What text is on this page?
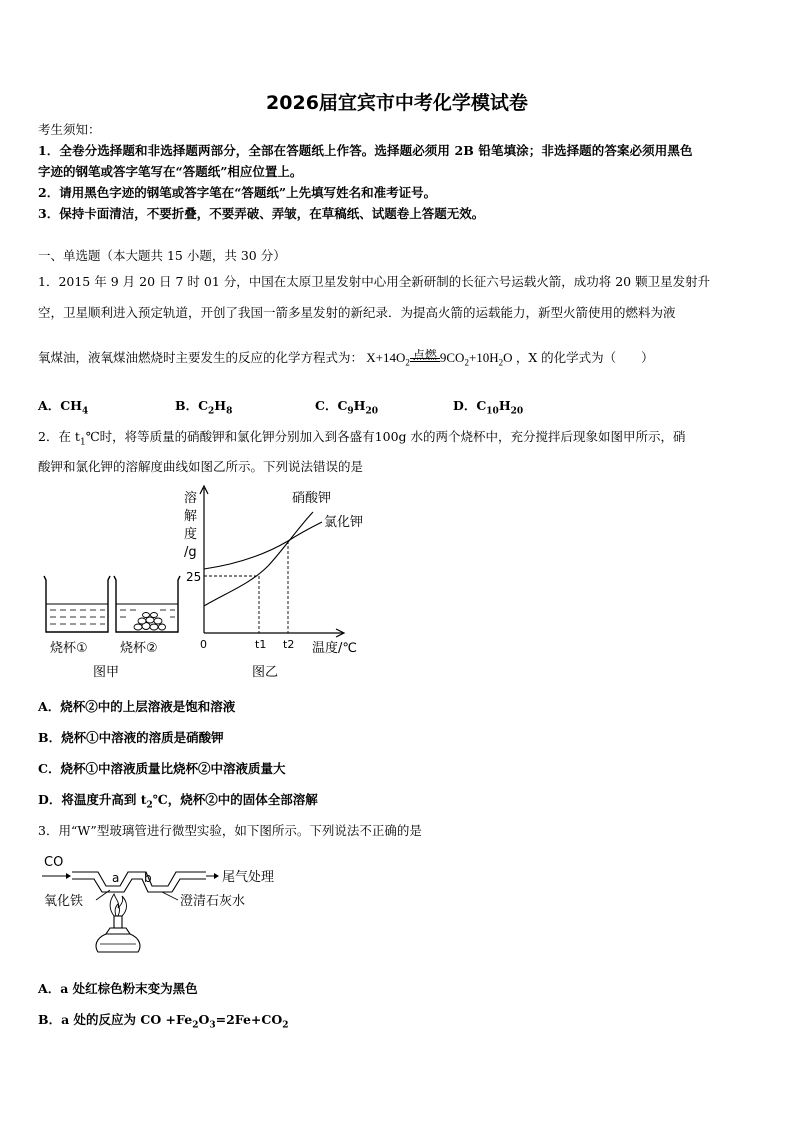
2026届宜宾市中考化学模试卷
考生须知：
1．全卷分选择题和非选择题两部分，全部在答题纸上作答。选择题必须用 2B 铅笔填涂；非选择题的答案必须用黑色
字迹的钢笔或答字笔写在“答题纸”相应位置上。
2．请用黑色字迹的钢笔或答字笔在“答题纸”上先填写姓名和准考证号。
3．保持卡面清洁，不要折叠，不要弄破、弄皱，在草稿纸、试题卷上答题无效。
一、单选题（本大题共 15 小题，共 30 分）
1．2015 年 9 月 20 日 7 时 01 分，中国在太原卫星发射中心用全新研制的长征六号运载火箭，成功将 20 颗卫星发射升
空，卫星顺利进入预定轨道，开创了我国一箭多星发射的新纪录．为提高火箭的运载能力，新型火箭使用的燃料为液
氧煤油，液氧煤油燃烧时主要发生的反应的化学方程式为： $X+14O_2$
点燃 $9CO_2+10H_2O$ ，X 的化学式为（　　）
A．$CH_4$	B．$C_2H_8$	C．$C_9H_{20}$	D．$C_{10}H_{20}$
2．在 $t_1℃$时，将等质量的硝酸钾和氯化钾分别加入到各盛有100g 水的两个烧杯中，充分搅拌后现象如图甲所示，硝
酸钾和氯化钾的溶解度曲线如图乙所示。下列说法错误的是
烧杯① 烧杯②
图甲
溶
解
度
/g
25
0	t1 t2 温度/℃
硝酸钾
氯化钾
图乙
A．烧杯②中的上层溶液是饱和溶液
B．烧杯①中溶液的溶质是硝酸钾
C．烧杯①中溶液质量比烧杯②中溶液质量大
D．将温度升高到 $t_2℃$，烧杯②中的固体全部溶解
3．用“W”型玻璃管进行微型实验，如下图所示。下列说法不正确的是
CO
a b	尾气处理
氧化铁	澄清石灰水
A．a 处红棕色粉末变为黑色
B．a 处的反应为 CO $+Fe_2O_3=2Fe+CO_2$
